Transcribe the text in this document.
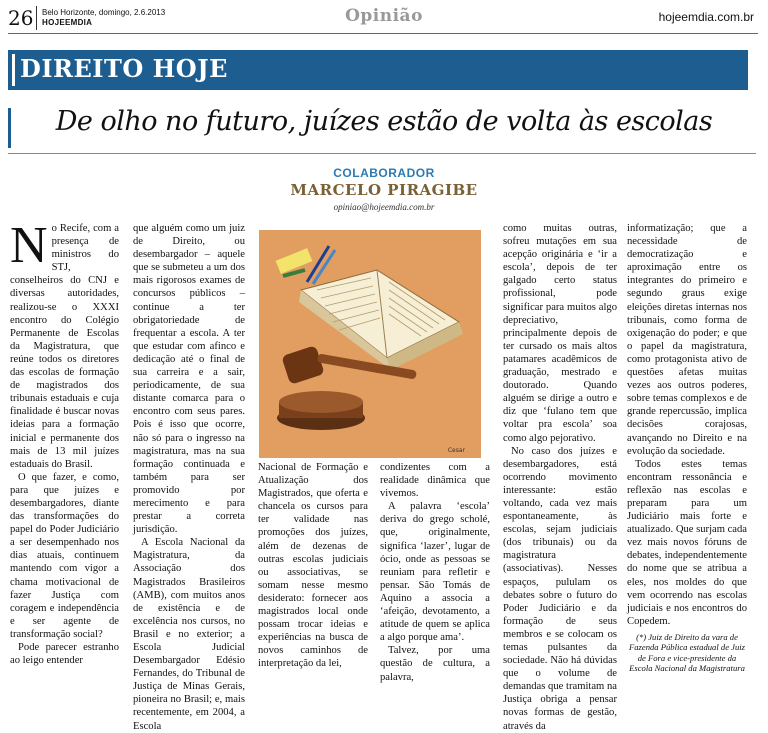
26 Belo Horizonte, domingo, 2.6.2013
HOJEEMDIA	Opinião	hojeemdia.com.br
DIREITO HOJE
De olho no futuro, juízes estão de volta às escolas
COLABORADOR
MARCELO PIRAGIBE
opiniao@hojeemdia.com.br

No Recife, com a presença de ministros do STJ, conselheiros do CNJ e diversas autoridades, realizou-se o XXXI encontro do Colégio Permanente de Escolas da Magistratura, que reúne todos os diretores das escolas de formação de magistrados dos tribunais estaduais e cuja finalidade é buscar novas ideias para a formação inicial e permanente dos mais de 13 mil juízes estaduais do Brasil.

O que fazer, e como, para que juízes e desembargadores, diante das transformações do papel do Poder Judiciário a ser desempenhado nos dias atuais, continuem mantendo com vigor a chama motivacional de fazer Justiça com coragem e independência e ser agente de transformação social?

Pode parecer estranho ao leigo entender

que alguém como um juiz de Direito, ou desembargador – aquele que se submeteu a um dos mais rigorosos exames de concursos públicos – continue a ter obrigatoriedade de frequentar a escola. A ter que estudar com afinco e dedicação até o final de sua carreira e a sair, periodicamente, de sua distante comarca para o encontro com seus pares. Pois é isso que ocorre, não só para o ingresso na magistratura, mas na sua formação continuada e também para ser promovido por merecimento e para prestar a correta jurisdição.

A Escola Nacional da Magistratura, da Associação dos Magistrados Brasileiros (AMB), com muitos anos de existência e de excelência nos cursos, no Brasil e no exterior; a Escola Judicial Desembargador Edésio Fernandes, do Tribunal de Justiça de Minas Gerais, pioneira no Brasil; e, mais recentemente, em 2004, a Escola

Cesar

Nacional de Formação e Atualização dos Magistrados, que oferta e chancela os cursos para ter validade nas promoções dos juízes, além de dezenas de outras escolas judiciais ou associativas, se somam nesse mesmo desiderato: fornecer aos magistrados local onde possam trocar ideias e experiências na busca de novos caminhos de interpretação da lei,

condizentes com a realidade dinâmica que vivemos.

A palavra ‘escola’ deriva do grego scholé, que, originalmente, significa ‘lazer’, lugar de ócio, onde as pessoas se reuniam para refletir e pensar. São Tomás de Aquino a associa a ‘afeição, devotamento, a atitude de quem se aplica a algo porque ama’.

Talvez, por uma questão de cultura, a palavra,

como muitas outras, sofreu mutações em sua acepção originária e ‘ir a escola’, depois de ter galgado certo status profissional, pode significar para muitos algo depreciativo, principalmente depois de ter cursado os mais altos patamares acadêmicos de graduação, mestrado e doutorado. Quando alguém se dirige a outro e diz que ‘fulano tem que voltar pra escola’ soa como algo pejorativo.

No caso dos juízes e desembargadores, está ocorrendo movimento interessante: estão voltando, cada vez mais espontaneamente, às escolas, sejam judiciais (dos tribunais) ou da magistratura (associativas). Nesses espaços, pululam os debates sobre o futuro do Poder Judiciário e da formação de seus membros e se colocam os temas pulsantes da sociedade. Não há dúvidas que o volume de demandas que tramitam na Justiça obriga a pensar novas formas de gestão, através da

informatização; que a necessidade de democratização e aproximação entre os integrantes do primeiro e segundo graus exige eleições diretas internas nos tribunais, como forma de oxigenação do poder; e que o papel da magistratura, como protagonista ativo de questões afetas muitas vezes aos outros poderes, sobre temas complexos e de grande repercussão, implica decisões corajosas, avançando no Direito e na evolução da sociedade.

Todos estes temas encontram ressonância e reflexão nas escolas e preparam para um Judiciário mais forte e atualizado. Que surjam cada vez mais novos fóruns de debates, independentemente do nome que se atribua a eles, nos moldes do que vem ocorrendo nas escolas judiciais e nos encontros do Copedem.

(*) Juiz de Direito da vara de Fazenda Pública estadual de Juiz de Fora e vice-presidente da Escola Nacional da Magistratura
